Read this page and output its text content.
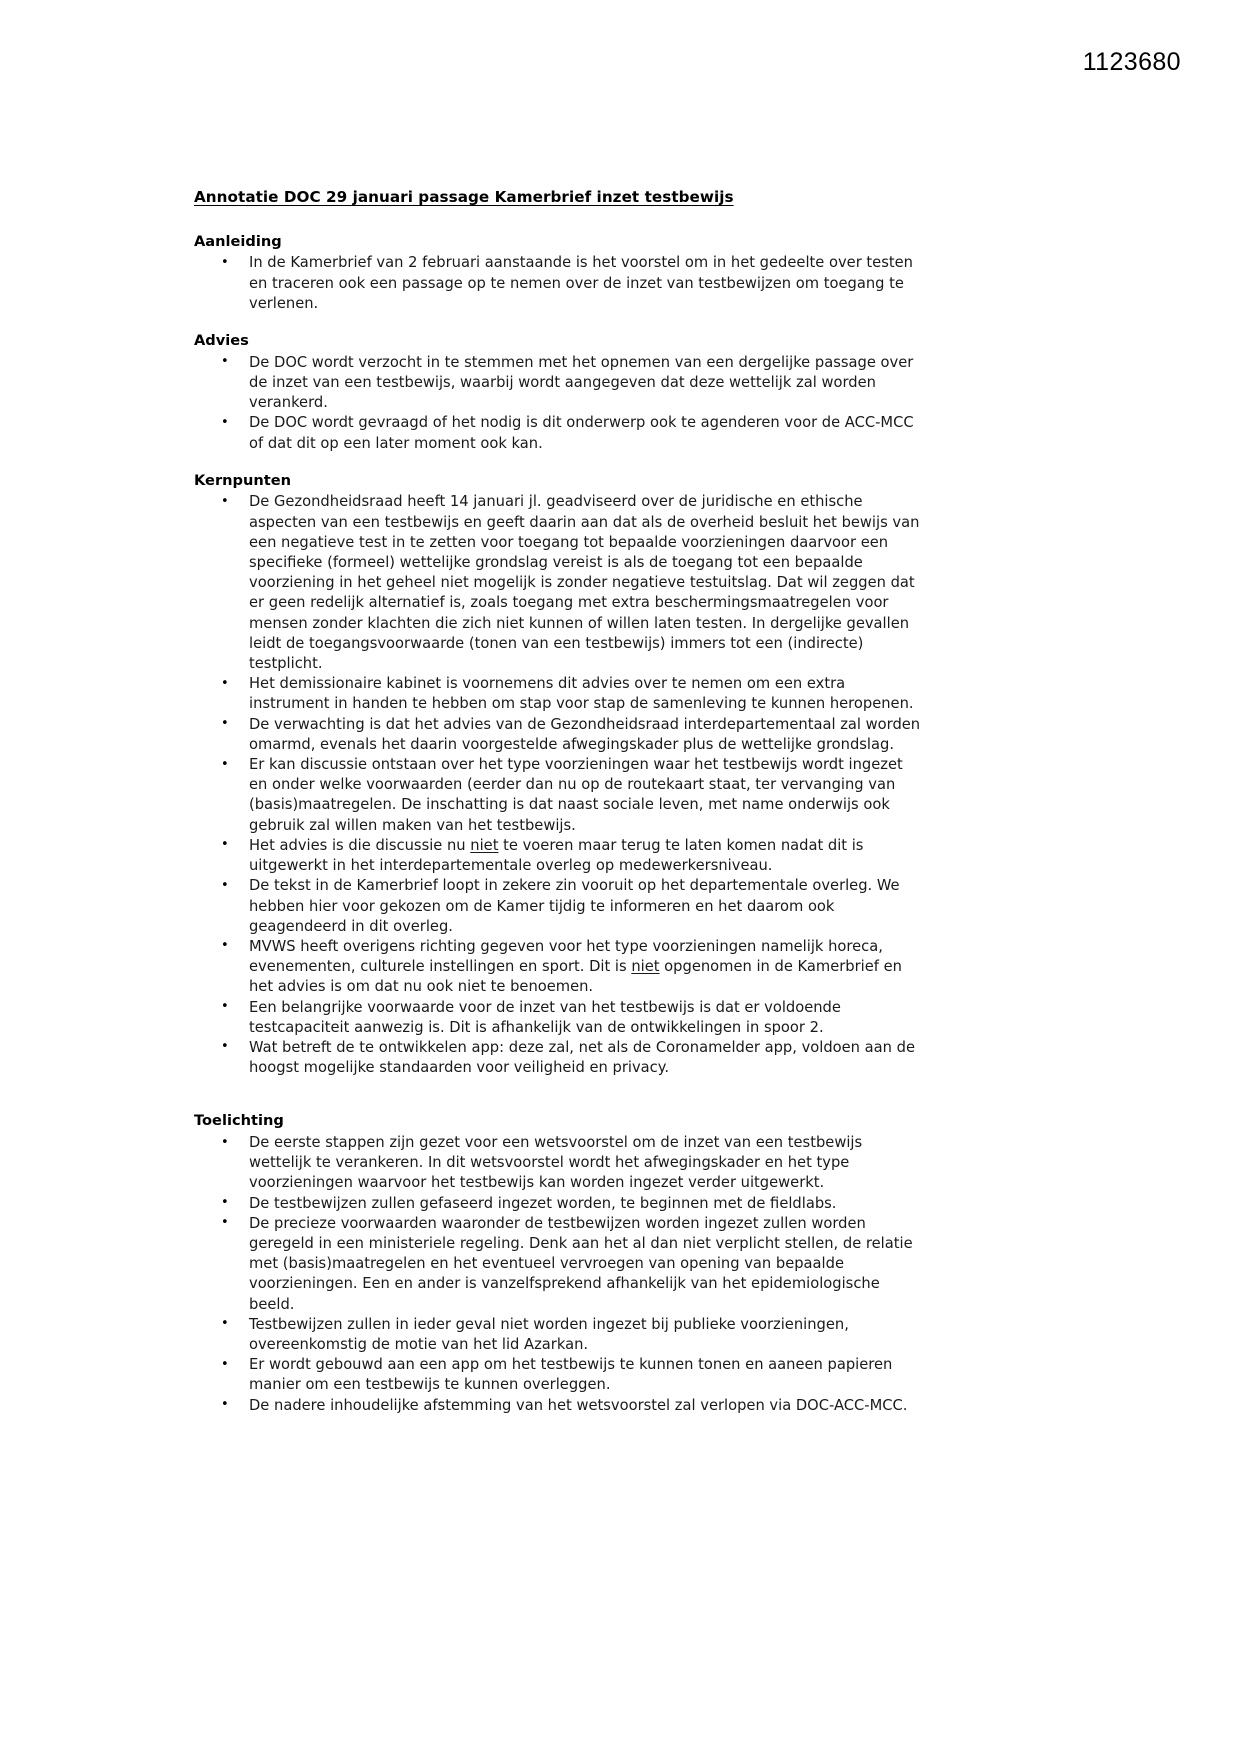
1123680
Annotatie DOC 29 januari passage Kamerbrief inzet testbewijs
Aanleiding
• In de Kamerbrief van 2 februari aanstaande is het voorstel om in het gedeelte over testen en traceren ook een passage op te nemen over de inzet van testbewijzen om toegang te verlenen.
Advies
• De DOC wordt verzocht in te stemmen met het opnemen van een dergelijke passage over de inzet van een testbewijs, waarbij wordt aangegeven dat deze wettelijk zal worden verankerd.
• De DOC wordt gevraagd of het nodig is dit onderwerp ook te agenderen voor de ACC-MCC of dat dit op een later moment ook kan.
Kernpunten
• De Gezondheidsraad heeft 14 januari jl. geadviseerd over de juridische en ethische aspecten van een testbewijs en geeft daarin aan dat als de overheid besluit het bewijs van een negatieve test in te zetten voor toegang tot bepaalde voorzieningen daarvoor een specifieke (formeel) wettelijke grondslag vereist is als de toegang tot een bepaalde voorziening in het geheel niet mogelijk is zonder negatieve testuitslag. Dat wil zeggen dat er geen redelijk alternatief is, zoals toegang met extra beschermingsmaatregelen voor mensen zonder klachten die zich niet kunnen of willen laten testen. In dergelijke gevallen leidt de toegangsvoorwaarde (tonen van een testbewijs) immers tot een (indirecte) testplicht.
• Het demissionaire kabinet is voornemens dit advies over te nemen om een extra instrument in handen te hebben om stap voor stap de samenleving te kunnen heropenen.
• De verwachting is dat het advies van de Gezondheidsraad interdepartementaal zal worden omarmd, evenals het daarin voorgestelde afwegingskader plus de wettelijke grondslag.
• Er kan discussie ontstaan over het type voorzieningen waar het testbewijs wordt ingezet en onder welke voorwaarden (eerder dan nu op de routekaart staat, ter vervanging van (basis)maatregelen. De inschatting is dat naast sociale leven, met name onderwijs ook gebruik zal willen maken van het testbewijs.
• Het advies is die discussie nu niet te voeren maar terug te laten komen nadat dit is uitgewerkt in het interdepartementale overleg op medewerkersniveau.
• De tekst in de Kamerbrief loopt in zekere zin vooruit op het departementale overleg. We hebben hier voor gekozen om de Kamer tijdig te informeren en het daarom ook geagendeerd in dit overleg.
• MVWS heeft overigens richting gegeven voor het type voorzieningen namelijk horeca, evenementen, culturele instellingen en sport. Dit is niet opgenomen in de Kamerbrief en het advies is om dat nu ook niet te benoemen.
• Een belangrijke voorwaarde voor de inzet van het testbewijs is dat er voldoende testcapaciteit aanwezig is. Dit is afhankelijk van de ontwikkelingen in spoor 2.
• Wat betreft de te ontwikkelen app: deze zal, net als de Coronamelder app, voldoen aan de hoogst mogelijke standaarden voor veiligheid en privacy.
Toelichting
• De eerste stappen zijn gezet voor een wetsvoorstel om de inzet van een testbewijs wettelijk te verankeren. In dit wetsvoorstel wordt het afwegingskader en het type voorzieningen waarvoor het testbewijs kan worden ingezet verder uitgewerkt.
• De testbewijzen zullen gefaseerd ingezet worden, te beginnen met de fieldlabs.
• De precieze voorwaarden waaronder de testbewijzen worden ingezet zullen worden geregeld in een ministeriele regeling. Denk aan het al dan niet verplicht stellen, de relatie met (basis)maatregelen en het eventueel vervroegen van opening van bepaalde voorzieningen. Een en ander is vanzelfsprekend afhankelijk van het epidemiologische beeld.
• Testbewijzen zullen in ieder geval niet worden ingezet bij publieke voorzieningen, overeenkomstig de motie van het lid Azarkan.
• Er wordt gebouwd aan een app om het testbewijs te kunnen tonen en aaneen papieren manier om een testbewijs te kunnen overleggen.
• De nadere inhoudelijke afstemming van het wetsvoorstel zal verlopen via DOC-ACC-MCC.
